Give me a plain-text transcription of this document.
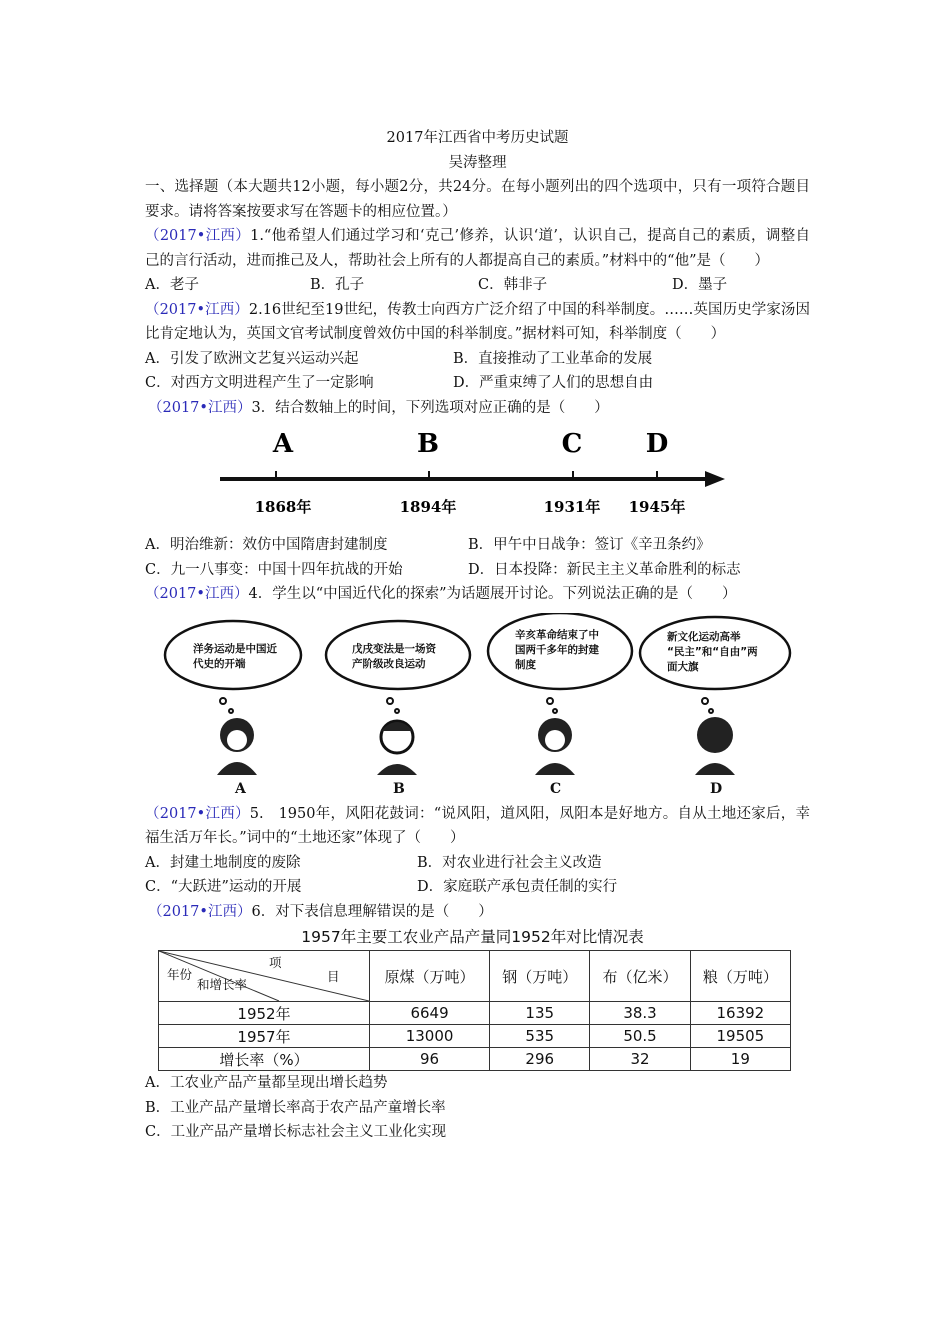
2017年江西省中考历史试题
吴涛整理
一、选择题（本大题共12小题，每小题2分，共24分。在每小题列出的四个选项中，只有一项符合题目要求。请将答案按要求写在答题卡的相应位置。）
（2017•江西）1.“他希望人们通过学习和‘克己’修养，认识‘道’，认识自己，提高自己的素质，调整自己的言行活动，进而推己及人，帮助社会上所有的人都提高自己的素质。”材料中的“他”是（　　）
A．老子	B．孔子	C．韩非子	D．墨子
（2017•江西）2.16世纪至19世纪，传教士向西方广泛介绍了中国的科举制度。……英国历史学家汤因比肯定地认为，英国文官考试制度曾效仿中国的科举制度。”据材料可知，科举制度（　　）
A．引发了欧洲文艺复兴运动兴起	B．直接推动了工业革命的发展
C．对西方文明进程产生了一定影响	D．严重束缚了人们的思想自由
（2017•江西）3．结合数轴上的时间，下列选项对应正确的是（　　）
A	B	C D
1868年	1894年	1931年 1945年
A．明治维新：效仿中国隋唐封建制度	B．甲午中日战争：签订《辛丑条约》
C．九一八事变：中国十四年抗战的开始	D．日本投降：新民主主义革命胜利的标志
（2017•江西）4．学生以“中国近代化的探索”为话题展开讨论。下列说法正确的是（　　）
洋务运动是中国近
代史的开端
A
戊戌变法是一场资
产阶级改良运动
B
辛亥革命结束了中
国两千多年的封建
制度
C
新文化运动高举
“民主”和“自由”两
面大旗
D
（2017•江西）5.　1950年，风阳花鼓词：“说风阳，道风阳，凤阳本是好地方。自从土地还家后，幸福生活万年长。”词中的“土地还家”体现了（　　）
A．封建土地制度的废除	B．对农业进行社会主义改造
C．“大跃进”运动的开展	D．家庭联产承包责任制的实行
（2017•江西）6．对下表信息理解错误的是（　　）
1957年主要工农业产品产量同1952年对比情况表
项
目
年份
和增长率	原煤（万吨）	钢（万吨）	布（亿米）	粮（万吨）
1952年	6649	135	38.3	16392
1957年	13000	535	50.5	19505
增长率（%）	96	296	32	19
A．工农业产品产量都呈现出增长趋势
B．工业产品产量增长率高于农产品产童增长率
C．工业产品产量增长标志社会主义工业化实现
